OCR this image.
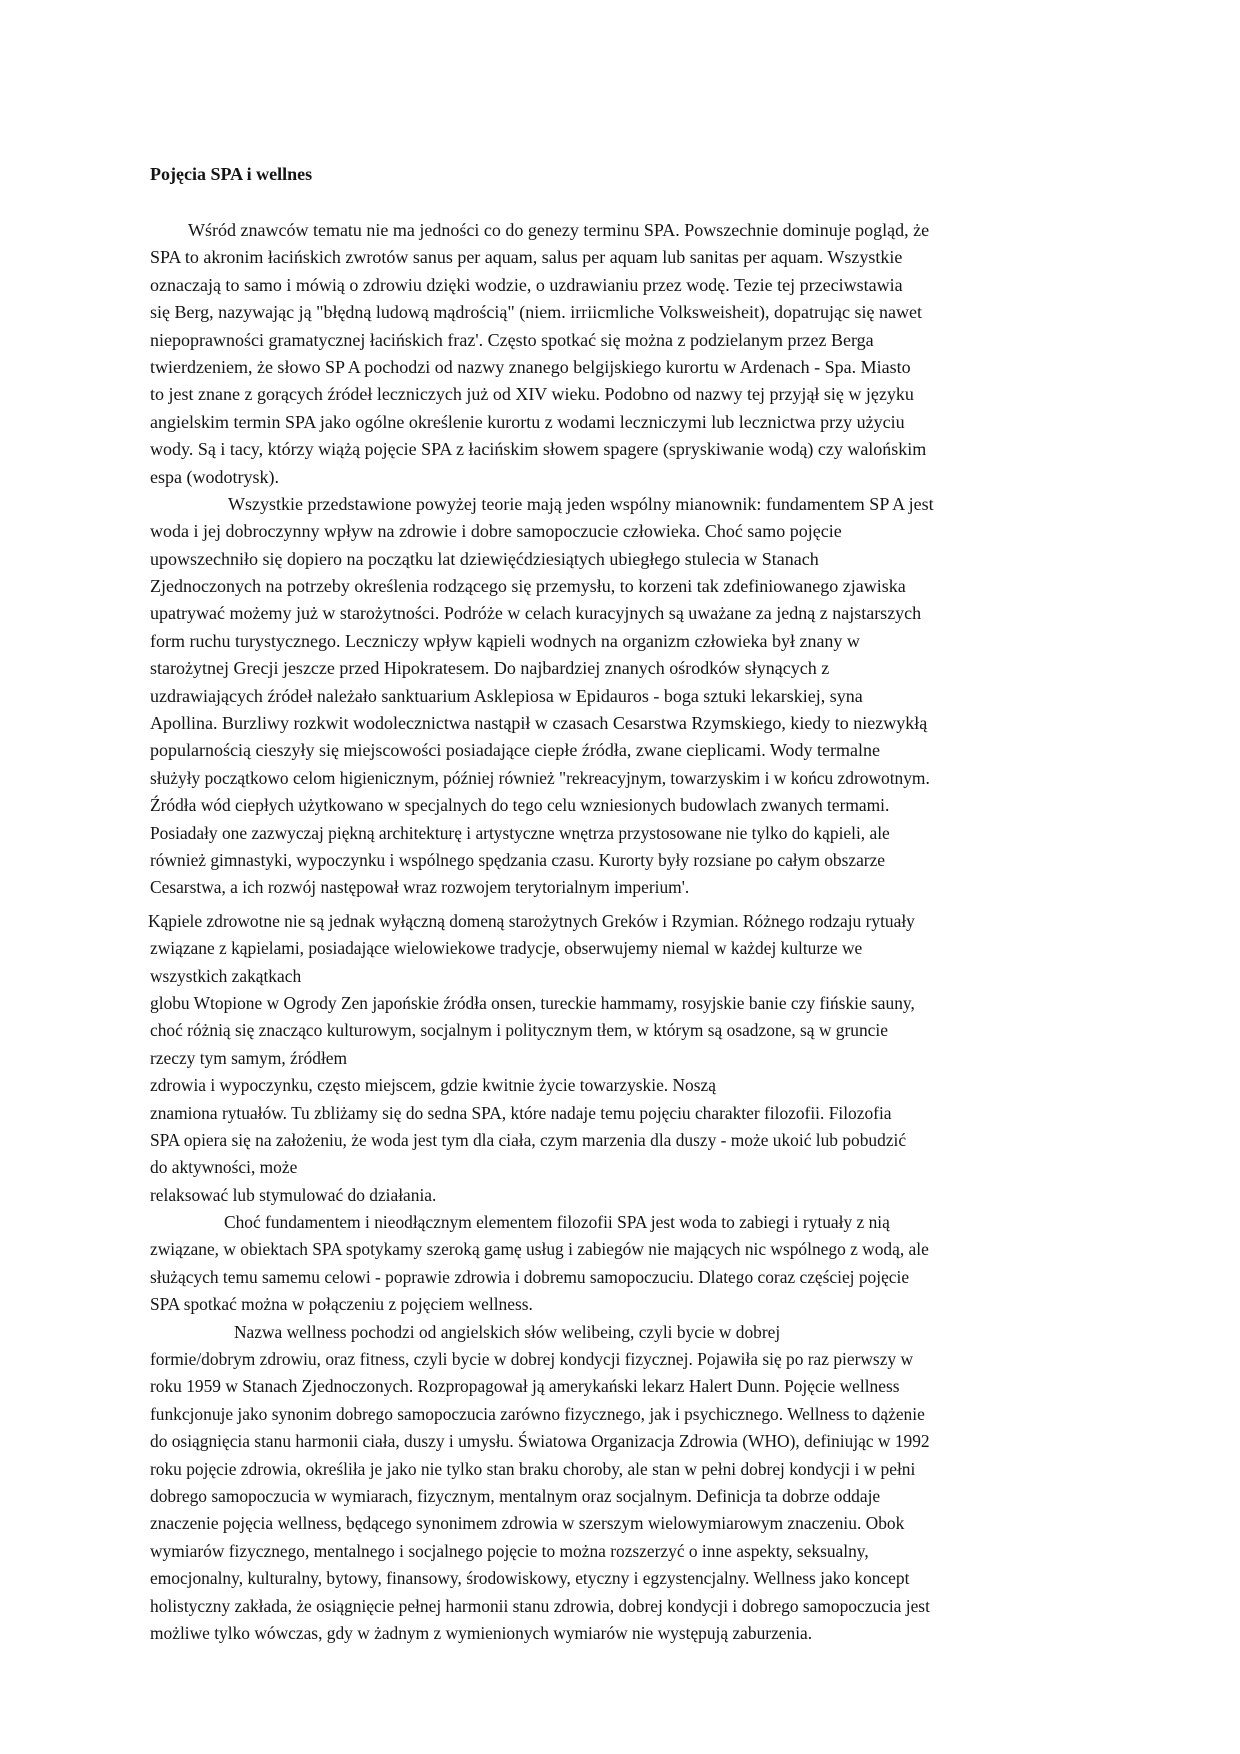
Pojęcia SPA i wellnes
Wśród znawców tematu nie ma jedności co do genezy terminu SPA. Powszechnie dominuje pogląd, że
SPA to akronim łacińskich zwrotów sanus per aquam, salus per aquam lub sanitas per aquam. Wszystkie
oznaczają to samo i mówią o zdrowiu dzięki wodzie, o uzdrawianiu przez wodę. Tezie tej przeciwstawia
się Berg, nazywając ją "błędną ludową mądrością" (niem. irriicmliche Volksweisheit), dopatrując się nawet
niepoprawności gramatycznej łacińskich fraz'. Często spotkać się można z podzielanym przez Berga
twierdzeniem, że słowo SP A pochodzi od nazwy znanego belgijskiego kurortu w Ardenach - Spa. Miasto
to jest znane z gorących źródeł leczniczych już od XIV wieku. Podobno od nazwy tej przyjął się w języku
angielskim termin SPA jako ogólne określenie kurortu z wodami leczniczymi lub lecznictwa przy użyciu
wody. Są i tacy, którzy wiążą pojęcie SPA z łacińskim słowem spagere (spryskiwanie wodą) czy walońskim
espa (wodotrysk).
Wszystkie przedstawione powyżej teorie mają jeden wspólny mianownik: fundamentem SP A jest
woda i jej dobroczynny wpływ na zdrowie i dobre samopoczucie człowieka. Choć samo pojęcie
upowszechniło się dopiero na początku lat dziewięćdziesiątych ubiegłego stulecia w Stanach
Zjednoczonych na potrzeby określenia rodzącego się przemysłu, to korzeni tak zdefiniowanego zjawiska
upatrywać możemy już w starożytności. Podróże w celach kuracyjnych są uważane za jedną z najstarszych
form ruchu turystycznego. Leczniczy wpływ kąpieli wodnych na organizm człowieka był znany w
starożytnej Grecji jeszcze przed Hipokratesem. Do najbardziej znanych ośrodków słynących z
uzdrawiających źródeł należało sanktuarium Asklepiosa w Epidauros - boga sztuki lekarskiej, syna
Apollina. Burzliwy rozkwit wodolecznictwa nastąpił w czasach Cesarstwa Rzymskiego, kiedy to niezwykłą
popularnością cieszyły się miejscowości posiadające ciepłe źródła, zwane cieplicami. Wody termalne
służyły początkowo celom higienicznym, później również "rekreacyjnym, towarzyskim i w końcu zdrowotnym.
Źródła wód ciepłych użytkowano w specjalnych do tego celu wzniesionych budowlach zwanych termami.
Posiadały one zazwyczaj piękną architekturę i artystyczne wnętrza przystosowane nie tylko do kąpieli, ale
również gimnastyki, wypoczynku i wspólnego spędzania czasu. Kurorty były rozsiane po całym obszarze
Cesarstwa, a ich rozwój następował wraz rozwojem terytorialnym imperium'.
Kąpiele zdrowotne nie są jednak wyłączną domeną starożytnych Greków i Rzymian. Różnego rodzaju rytuały
związane z kąpielami, posiadające wielowiekowe tradycje, obserwujemy niemal w każdej kulturze we
wszystkich zakątkach
globu Wtopione w Ogrody Zen japońskie źródła onsen, tureckie hammamy, rosyjskie banie czy fińskie sauny,
choć różnią się znacząco kulturowym, socjalnym i politycznym tłem, w którym są osadzone, są w gruncie
rzeczy tym samym, źródłem
zdrowia i wypoczynku, często miejscem, gdzie kwitnie życie towarzyskie. Noszą
znamiona rytuałów. Tu zbliżamy się do sedna SPA, które nadaje temu pojęciu charakter filozofii. Filozofia
SPA opiera się na założeniu, że woda jest tym dla ciała, czym marzenia dla duszy - może ukoić lub pobudzić
do aktywności, może
relaksować lub stymulować do działania.
Choć fundamentem i nieodłącznym elementem filozofii SPA jest woda to zabiegi i rytuały z nią
związane, w obiektach SPA spotykamy szeroką gamę usług i zabiegów nie mających nic wspólnego z wodą, ale
służących temu samemu celowi - poprawie zdrowia i dobremu samopoczuciu. Dlatego coraz częściej pojęcie
SPA spotkać można w połączeniu z pojęciem wellness.
Nazwa wellness pochodzi od angielskich słów welibeing, czyli bycie w dobrej
formie/dobrym zdrowiu, oraz fitness, czyli bycie w dobrej kondycji fizycznej. Pojawiła się po raz pierwszy w
roku 1959 w Stanach Zjednoczonych. Rozpropagował ją amerykański lekarz Halert Dunn. Pojęcie wellness
funkcjonuje jako synonim dobrego samopoczucia zarówno fizycznego, jak i psychicznego. Wellness to dążenie
do osiągnięcia stanu harmonii ciała, duszy i umysłu. Światowa Organizacja Zdrowia (WHO), definiując w 1992
roku pojęcie zdrowia, określiła je jako nie tylko stan braku choroby, ale stan w pełni dobrej kondycji i w pełni
dobrego samopoczucia w wymiarach, fizycznym, mentalnym oraz socjalnym. Definicja ta dobrze oddaje
znaczenie pojęcia wellness, będącego synonimem zdrowia w szerszym wielowymiarowym znaczeniu. Obok
wymiarów fizycznego, mentalnego i socjalnego pojęcie to można rozszerzyć o inne aspekty, seksualny,
emocjonalny, kulturalny, bytowy, finansowy, środowiskowy, etyczny i egzystencjalny. Wellness jako koncept
holistyczny zakłada, że osiągnięcie pełnej harmonii stanu zdrowia, dobrej kondycji i dobrego samopoczucia jest
możliwe tylko wówczas, gdy w żadnym z wymienionych wymiarów nie występują zaburzenia.
